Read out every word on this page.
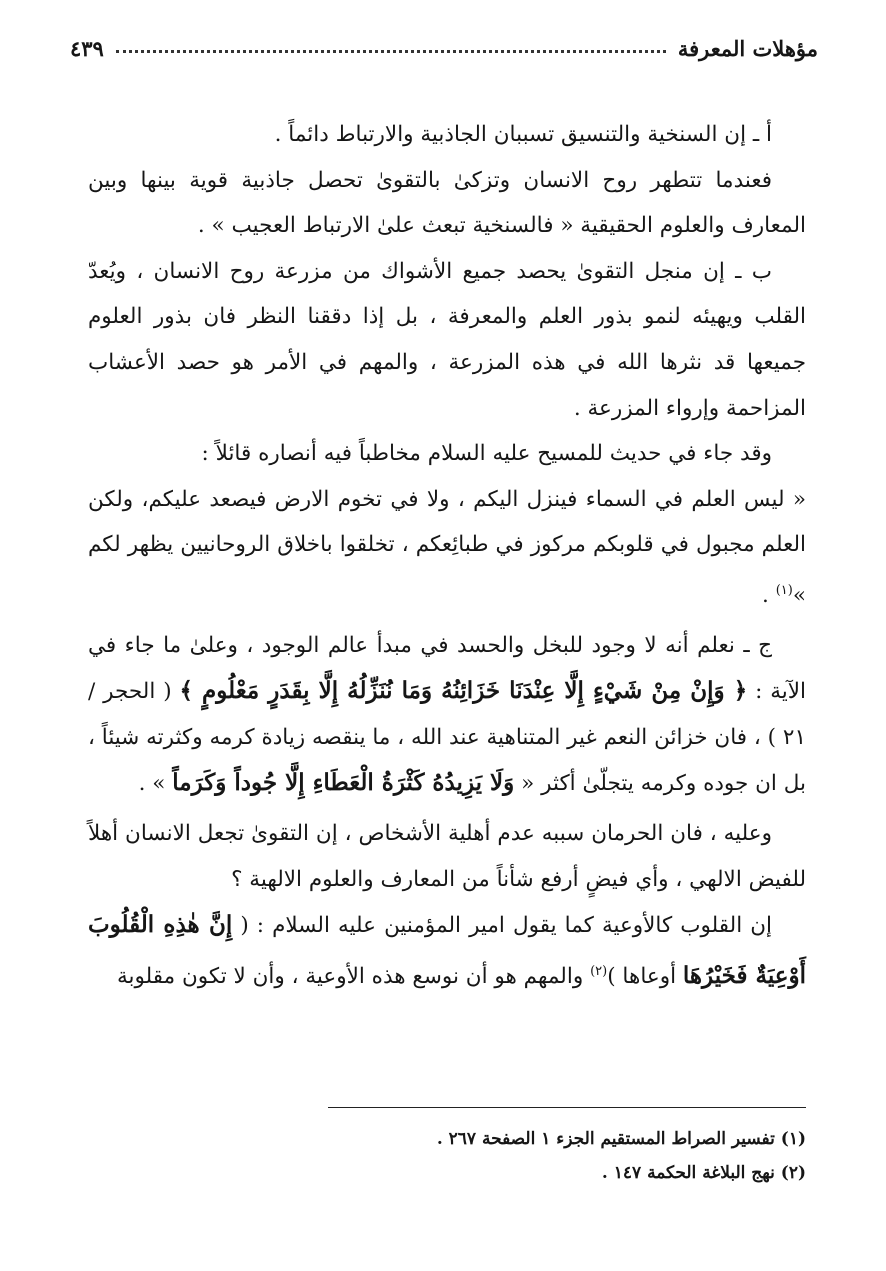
٤٣٩	مؤهلات المعرفة

أ ـ إن السنخية والتنسيق تسببان الجاذبية والارتباط دائماً .

فعندما تتطهر روح الانسان وتزكىٰ بالتقوىٰ تحصل جاذبية قوية بينها وبين المعارف والعلوم الحقيقية « فالسنخية تبعث علىٰ الارتباط العجيب » .

ب ـ إن منجل التقوىٰ يحصد جميع الأشواك من مزرعة روح الانسان ، ويُعدّ القلب ويهيئه لنمو بذور العلم والمعرفة ، بل إذا دققنا النظر فان بذور العلوم جميعها قد نثرها الله في هذه المزرعة ، والمهم في الأمر هو حصد الأعشاب المزاحمة وإرواء المزرعة .

وقد جاء في حديث للمسيح عليه السلام مخاطباً فيه أنصاره قائلاً :

« ليس العلم في السماء فينزل اليكم ، ولا في تخوم الارض فيصعد عليكم، ولكن العلم مجبول في قلوبكم مركوز في طبائِعكم ، تخلقوا باخلاق الروحانيين يظهر لكم »$^{(١)}$ .

ج ـ نعلم أنه لا وجود للبخل والحسد في مبدأ عالم الوجود ، وعلىٰ ما جاء في الآية : ﴿ وَإِنْ مِنْ شَيْءٍ إِلَّا عِنْدَنَا خَزَائِنُهُ وَمَا نُنَزِّلُهُ إِلَّا بِقَدَرٍ مَعْلُومٍ ﴾ ( الحجر / ٢١ ) ، فان خزائن النعم غير المتناهية عند الله ، ما ينقصه زيادة كرمه وكثرته شيئاً ، بل ان جوده وكرمه يتجلّىٰ أكثر « وَلَا يَزِيدُهُ كَثْرَةُ الْعَطَاءِ إِلَّا جُوداً وَكَرَماً » .

وعليه ، فان الحرمان سببه عدم أهلية الأشخاص ، إن التقوىٰ تجعل الانسان أهلاً للفيض الالهي ، وأي فيضٍ أرفع شأناً من المعارف والعلوم الالهية ؟

إن القلوب كالأوعية كما يقول امير المؤمنين عليه السلام : ( إِنَّ هٰذِهِ الْقُلُوبَ أَوْعِيَةٌ فَخَيْرُهَا أوعاها )$^{(٢)}$ والمهم هو أن نوسع هذه الأوعية ، وأن لا تكون مقلوبة

(١) تفسير الصراط المستقيم الجزء ١ الصفحة ٢٦٧ .

(٢) نهج البلاغة الحكمة ١٤٧ .
